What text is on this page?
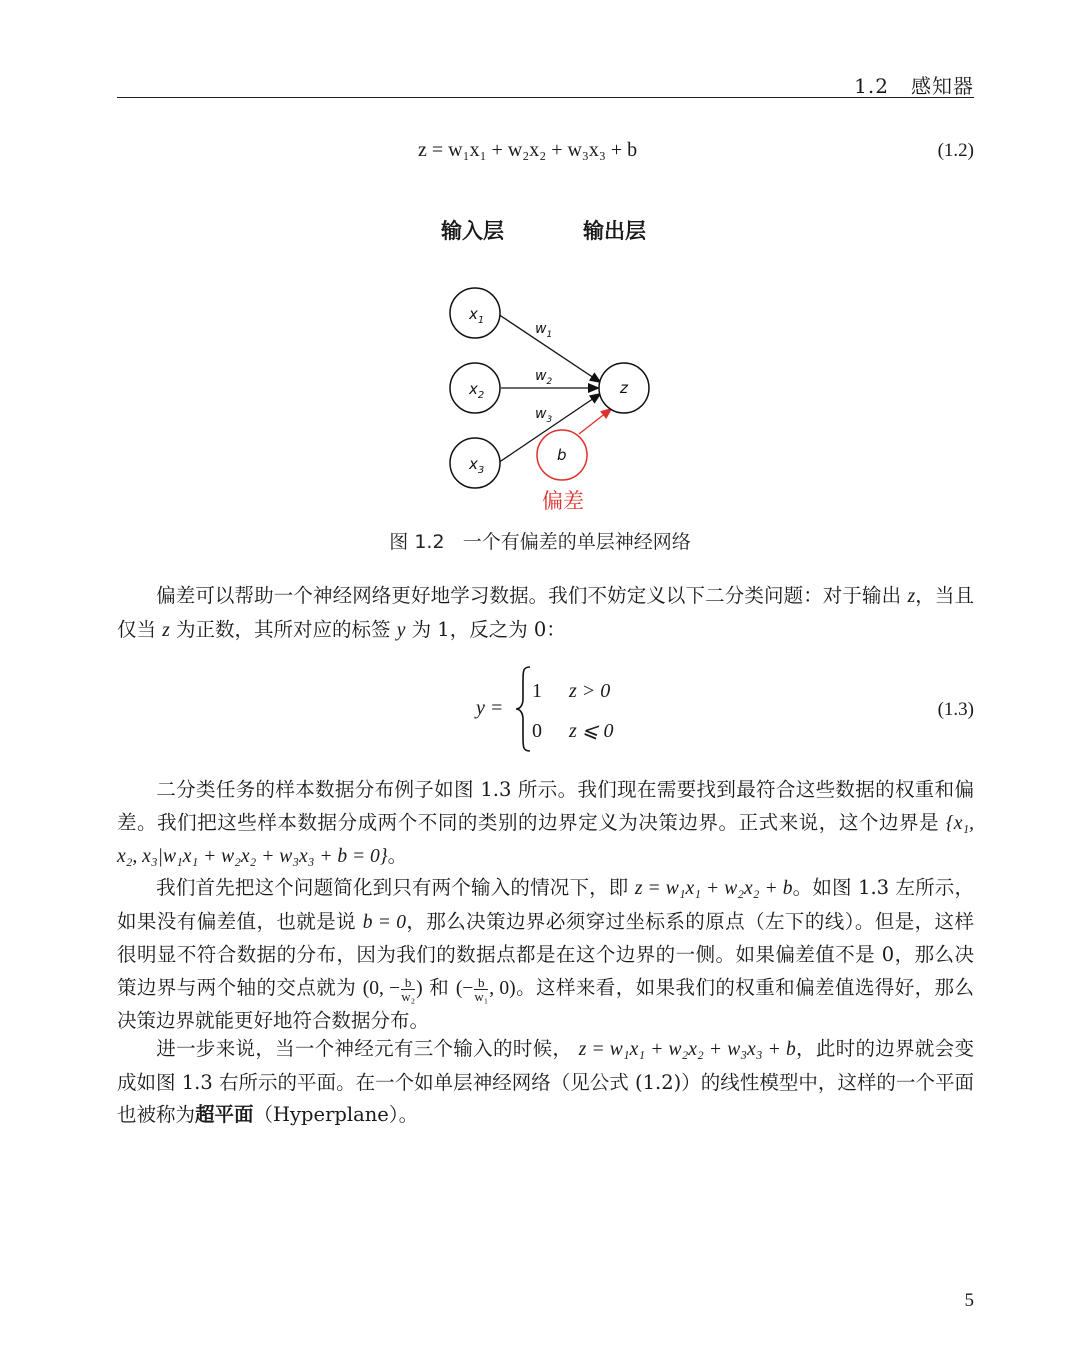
1.2 感知器
z = w₁x₁ + w₂x₂ + w₃x₃ + b	(1.2)
输入层	输出层
$x_1$
$x_2$
$x_3$
z
b
$w_1$
$w_2$
$w_3$
偏差
图 1.2 一个有偏差的单层神经网络
偏差可以帮助一个神经网络更好地学习数据。我们不妨定义以下二分类问题：对于输出 z，当且仅当 z 为正数，其所对应的标签 y 为 1，反之为 0：
y =
1 z > 0
0 z ⩽ 0
(1.3)
二分类任务的样本数据分布例子如图 1.3 所示。我们现在需要找到最符合这些数据的权重和偏差。我们把这些样本数据分成两个不同的类别的边界定义为决策边界。正式来说，这个边界是 {x₁, x₂, x₃|w₁x₁ + w₂x₂ + w₃x₃ + b = 0}。
我们首先把这个问题简化到只有两个输入的情况下，即 z = w₁x₁ + w₂x₂ + b。如图 1.3 左所示，如果没有偏差值，也就是说 b = 0，那么决策边界必须穿过坐标系的原点（左下的线）。但是，这样很明显不符合数据的分布，因为我们的数据点都是在这个边界的一侧。如果偏差值不是 0，那么决策边界与两个轴的交点就为 (0, − $\frac{b}{\text{w₂}}$ ) 和 (− $\frac{b}{\text{w₁}}$ , 0)。这样来看，如果我们的权重和偏差值选得好，那么决策边界就能更好地符合数据分布。
进一步来说，当一个神经元有三个输入的时候， z = w₁x₁ + w₂x₂ + w₃x₃ + b，此时的边界就会变成如图 1.3 右所示的平面。在一个如单层神经网络（见公式 (1.2)）的线性模型中，这样的一个平面也被称为超平面（Hyperplane）。
5
